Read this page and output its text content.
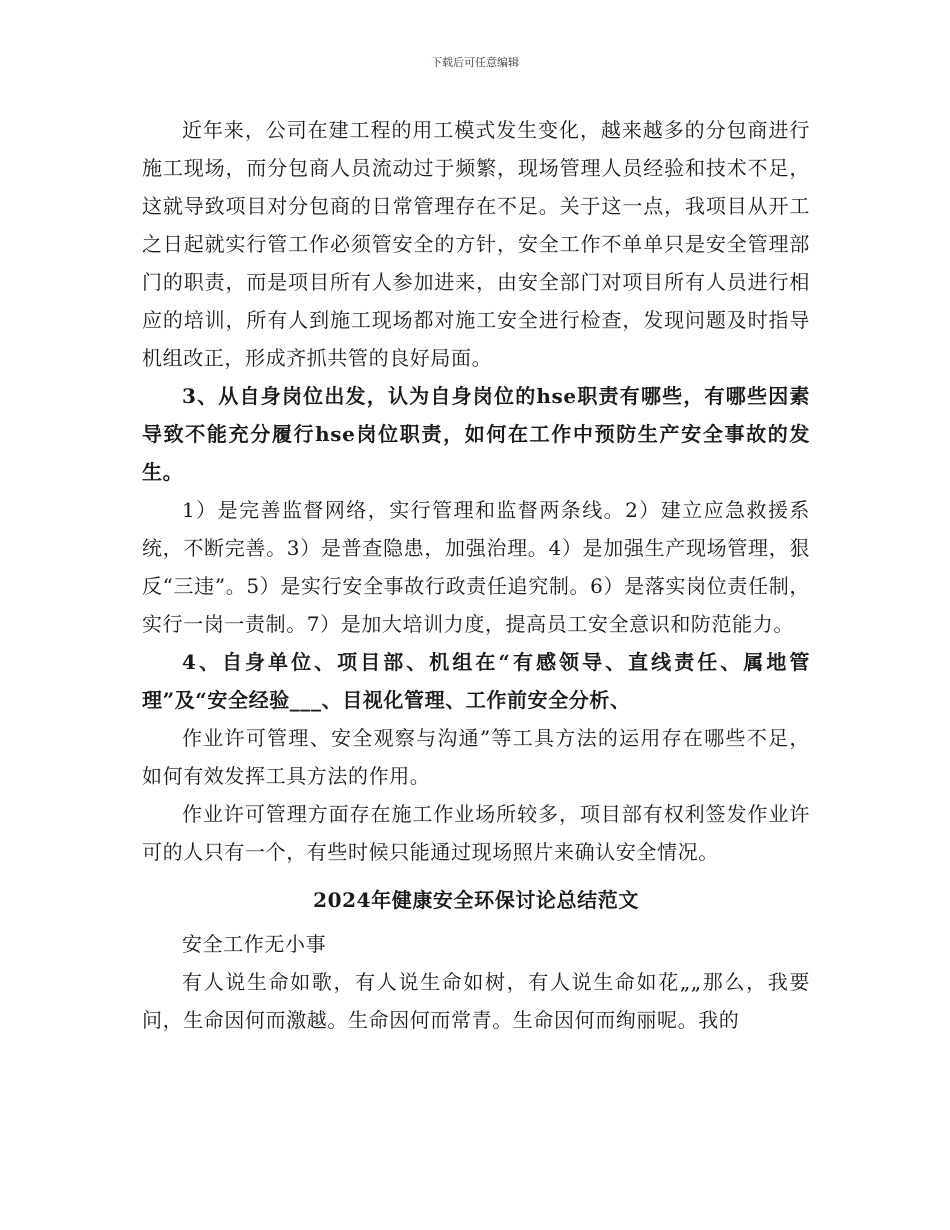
下载后可任意编辑

近年来，公司在建工程的用工模式发生变化，越来越多的分包商进行施工现场，而分包商人员流动过于频繁，现场管理人员经验和技术不足，这就导致项目对分包商的日常管理存在不足。关于这一点，我项目从开工之日起就实行管工作必须管安全的方针，安全工作不单单只是安全管理部门的职责，而是项目所有人参加进来，由安全部门对项目所有人员进行相应的培训，所有人到施工现场都对施工安全进行检查，发现问题及时指导机组改正，形成齐抓共管的良好局面。

3、从自身岗位出发，认为自身岗位的hse职责有哪些，有哪些因素导致不能充分履行hse岗位职责，如何在工作中预防生产安全事故的发生。

1）是完善监督网络，实行管理和监督两条线。2）建立应急救援系统，不断完善。3）是普查隐患，加强治理。4）是加强生产现场管理，狠反“三违”。5）是实行安全事故行政责任追究制。6）是落实岗位责任制，实行一岗一责制。7）是加大培训力度，提高员工安全意识和防范能力。

4、自身单位、项目部、机组在“有感领导、直线责任、属地管理”及“安全经验___、目视化管理、工作前安全分析、

作业许可管理、安全观察与沟通”等工具方法的运用存在哪些不足，如何有效发挥工具方法的作用。

作业许可管理方面存在施工作业场所较多，项目部有权利签发作业许可的人只有一个，有些时候只能通过现场照片来确认安全情况。

2024年健康安全环保讨论总结范文

安全工作无小事

有人说生命如歌，有人说生命如树，有人说生命如花„„那么，我要问，生命因何而激越。生命因何而常青。生命因何而绚丽呢。我的
